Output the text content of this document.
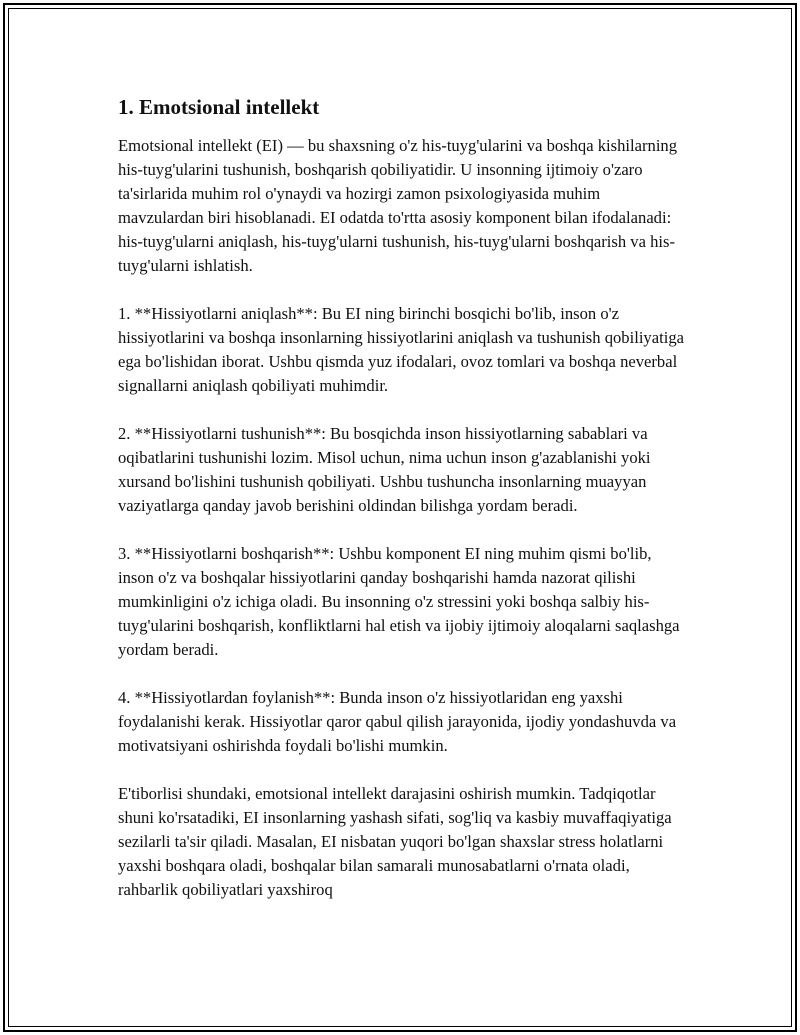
1. Emotsional intellekt

Emotsional intellekt (EI) — bu shaxsning o'z his-tuyg'ularini va boshqa kishilarning his-tuyg'ularini tushunish, boshqarish qobiliyatidir. U insonning ijtimoiy o'zaro ta'sirlarida muhim rol o'ynaydi va hozirgi zamon psixologiyasida muhim mavzulardan biri hisoblanadi. EI odatda to'rtta asosiy komponent bilan ifodalanadi: his-tuyg'ularni aniqlash, his-tuyg'ularni tushunish, his-tuyg'ularni boshqarish va his-tuyg'ularni ishlatish.

1. **Hissiyotlarni aniqlash**: Bu EI ning birinchi bosqichi bo'lib, inson o'z hissiyotlarini va boshqa insonlarning hissiyotlarini aniqlash va tushunish qobiliyatiga ega bo'lishidan iborat. Ushbu qismda yuz ifodalari, ovoz tomlari va boshqa neverbal signallarni aniqlash qobiliyati muhimdir.

2. **Hissiyotlarni tushunish**: Bu bosqichda inson hissiyotlarning sabablari va oqibatlarini tushunishi lozim. Misol uchun, nima uchun inson g'azablanishi yoki xursand bo'lishini tushunish qobiliyati. Ushbu tushuncha insonlarning muayyan vaziyatlarga qanday javob berishini oldindan bilishga yordam beradi.

3. **Hissiyotlarni boshqarish**: Ushbu komponent EI ning muhim qismi bo'lib, inson o'z va boshqalar hissiyotlarini qanday boshqarishi hamda nazorat qilishi mumkinligini o'z ichiga oladi. Bu insonning o'z stressini yoki boshqa salbiy his-tuyg'ularini boshqarish, konfliktlarni hal etish va ijobiy ijtimoiy aloqalarni saqlashga yordam beradi.

4. **Hissiyotlardan foylanish**: Bunda inson o'z hissiyotlaridan eng yaxshi foydalanishi kerak. Hissiyotlar qaror qabul qilish jarayonida, ijodiy yondashuvda va motivatsiyani oshirishda foydali bo'lishi mumkin.

E'tiborlisi shundaki, emotsional intellekt darajasini oshirish mumkin. Tadqiqotlar shuni ko'rsatadiki, EI insonlarning yashash sifati, sog'liq va kasbiy muvaffaqiyatiga sezilarli ta'sir qiladi. Masalan, EI nisbatan yuqori bo'lgan shaxslar stress holatlarni yaxshi boshqara oladi, boshqalar bilan samarali munosabatlarni o'rnata oladi, rahbarlik qobiliyatlari yaxshiroq
